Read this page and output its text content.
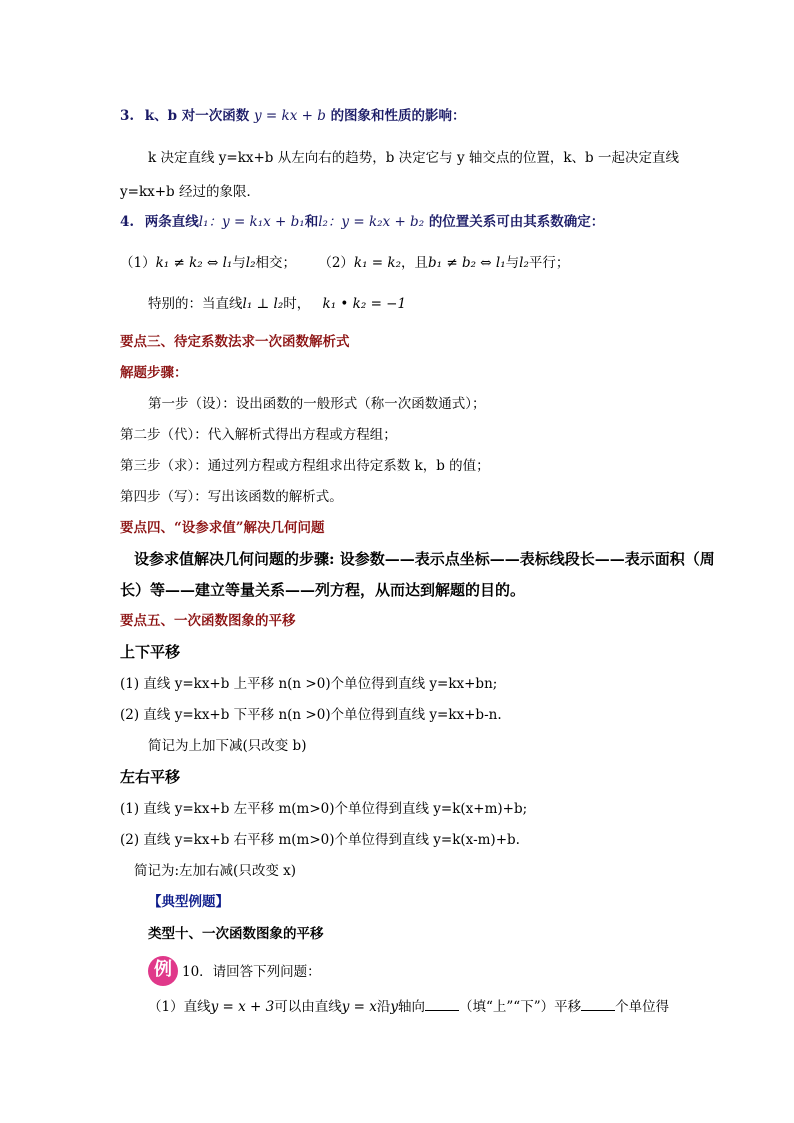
3. k、b 对一次函数 y = kx + b 的图象和性质的影响：
k 决定直线 y=kx+b 从左向右的趋势，b 决定它与 y 轴交点的位置，k、b 一起决定直线
y=kx+b 经过的象限．
4. 两条直线l₁：y = k₁x + b₁和l₂：y = k₂x + b₂ 的位置关系可由其系数确定：
（1）k₁ ≠ k₂ ⇔ l₁与l₂相交； （2）k₁ = k₂，且b₁ ≠ b₂ ⇔ l₁与l₂平行；
特别的：当直线l₁ ⊥ l₂时， k₁ • k₂ = −1
要点三、待定系数法求一次函数解析式
解题步骤：
第一步（设）：设出函数的一般形式（称一次函数通式）；
第二步（代）：代入解析式得出方程或方程组；
第三步（求）：通过列方程或方程组求出待定系数 k，b 的值；
第四步（写）：写出该函数的解析式。
要点四、“设参求值”解决几何问题
设参求值解决几何问题的步骤: 设参数——表示点坐标——表标线段长——表示面积（周
长）等——建立等量关系——列方程，从而达到解题的目的。
要点五、一次函数图象的平移
上下平移
(1) 直线 y=kx+b 上平移 n(n >0)个单位得到直线 y=kx+bn;
(2) 直线 y=kx+b 下平移 n(n >0)个单位得到直线 y=kx+b-n.
简记为上加下减(只改变 b)
左右平移
(1) 直线 y=kx+b 左平移 m(m>0)个单位得到直线 y=k(x+m)+b;
(2) 直线 y=kx+b 右平移 m(m>0)个单位得到直线 y=k(x-m)+b.
简记为:左加右减(只改变 x)
【典型例题】
类型十、一次函数图象的平移
例 10．请回答下列问题：
（1）直线y = x + 3可以由直线y = x沿y轴向	（填“上”“下”）平移	个单位得
